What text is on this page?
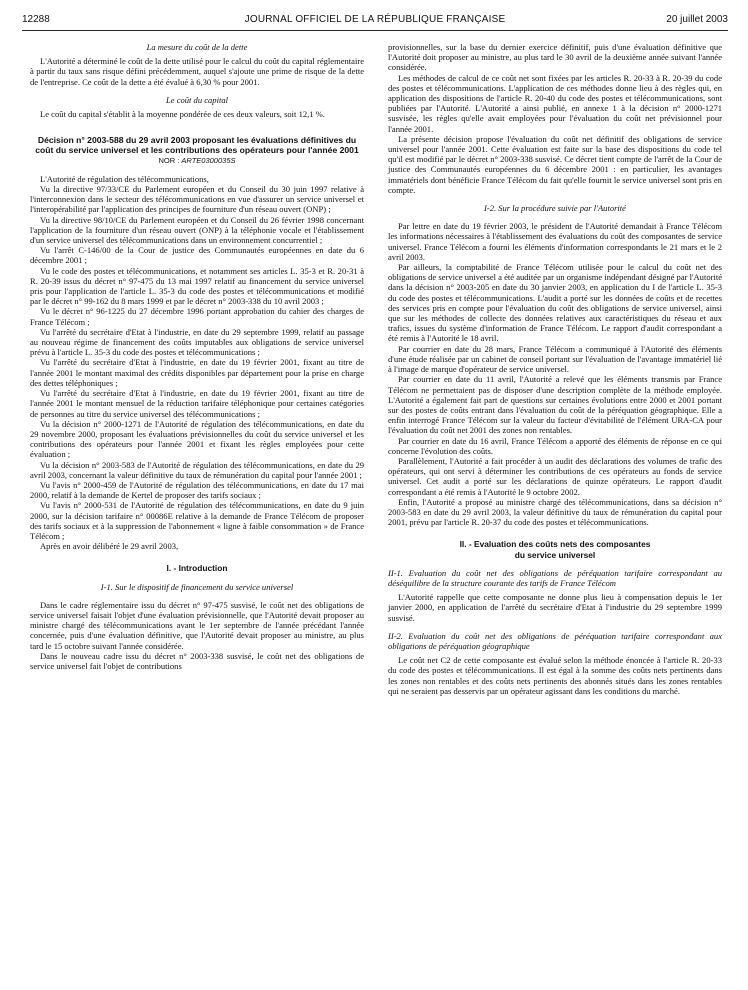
12288	JOURNAL OFFICIEL DE LA RÉPUBLIQUE FRANÇAISE	20 juillet 2003

La mesure du coût de la dette

L'Autorité a déterminé le coût de la dette utilisé pour le calcul du coût du capital réglementaire à partir du taux sans risque défini précédemment, auquel s'ajoute une prime de risque de la dette de l'entreprise. Ce coût de la dette a été évalué à 6,30 % pour 2001.

Le coût du capital

Le coût du capital s'établit à la moyenne pondérée de ces deux valeurs, soit 12,1 %.

Décision n° 2003-588 du 29 avril 2003 proposant les évaluations définitives du coût du service universel et les contributions des opérateurs pour l'année 2001

NOR : ARTE0300035S

L'Autorité de régulation des télécommunications,

Vu la directive 97/33/CE du Parlement européen et du Conseil du 30 juin 1997 relative à l'interconnexion dans le secteur des télécommunications en vue d'assurer un service universel et l'interopérabilité par l'application des principes de fourniture d'un réseau ouvert (ONP) ;

Vu la directive 98/10/CE du Parlement européen et du Conseil du 26 février 1998 concernant l'application de la fourniture d'un réseau ouvert (ONP) à la téléphonie vocale et l'établissement d'un service universel des télécommunications dans un environnement concurrentiel ;

Vu l'arrêt C-146/00 de la Cour de justice des Communautés européennes en date du 6 décembre 2001 ;

Vu le code des postes et télécommunications, et notamment ses articles L. 35-3 et R. 20-31 à R. 20-39 issus du décret n° 97-475 du 13 mai 1997 relatif au financement du service universel pris pour l'application de l'article L. 35-3 du code des postes et télécommunications et modifié par le décret n° 99-162 du 8 mars 1999 et par le décret n° 2003-338 du 10 avril 2003 ;

Vu le décret n° 96-1225 du 27 décembre 1996 portant approbation du cahier des charges de France Télécom ;

Vu l'arrêté du secrétaire d'Etat à l'industrie, en date du 29 septembre 1999, relatif au passage au nouveau régime de financement des coûts imputables aux obligations de service universel prévu à l'article L. 35-3 du code des postes et télécommunications ;

Vu l'arrêté du secrétaire d'Etat à l'industrie, en date du 19 février 2001, fixant au titre de l'année 2001 le montant maximal des crédits disponibles par département pour la prise en charge des dettes téléphoniques ;

Vu l'arrêté du secrétaire d'Etat à l'industrie, en date du 19 février 2001, fixant au titre de l'année 2001 le montant mensuel de la réduction tarifaire téléphonique pour certaines catégories de personnes au titre du service universel des télécommunications ;

Vu la décision n° 2000-1271 de l'Autorité de régulation des télécommunications, en date du 29 novembre 2000, proposant les évaluations prévisionnelles du coût du service universel et les contributions des opérateurs pour l'année 2001 et fixant les règles employées pour cette évaluation ;

Vu la décision n° 2003-583 de l'Autorité de régulation des télécommunications, en date du 29 avril 2003, concernant la valeur définitive du taux de rémunération du capital pour l'année 2001 ;

Vu l'avis n° 2000-459 de l'Autorité de régulation des télécommunications, en date du 17 mai 2000, relatif à la demande de Kertel de proposer des tarifs sociaux ;

Vu l'avis n° 2000-531 de l'Autorité de régulation des télécommunications, en date du 9 juin 2000, sur la décision tarifaire n° 00086E relative à la demande de France Télécom de proposer des tarifs sociaux et à la suppression de l'abonnement « ligne à faible consommation » de France Télécom ;

Après en avoir délibéré le 29 avril 2003,

I. - Introduction

I-1. Sur le dispositif de financement du service universel

Dans le cadre réglementaire issu du décret n° 97-475 susvisé, le coût net des obligations de service universel faisait l'objet d'une évaluation prévisionnelle, que l'Autorité devait proposer au ministre chargé des télécommunications avant le 1er septembre de l'année précédant l'année concernée, puis d'une évaluation définitive, que l'Autorité devait proposer au ministre, au plus tard le 15 octobre suivant l'année considérée.

Dans le nouveau cadre issu du décret n° 2003-338 susvisé, le coût net des obligations de service universel fait l'objet de contributions

provisionnelles, sur la base du dernier exercice définitif, puis d'une évaluation définitive que l'Autorité doit proposer au ministre, au plus tard le 30 avril de la deuxième année suivant l'année considérée.

Les méthodes de calcul de ce coût net sont fixées par les articles R. 20-33 à R. 20-39 du code des postes et télécommunications. L'application de ces méthodes donne lieu à des règles qui, en application des dispositions de l'article R. 20-40 du code des postes et télécommunications, sont publiées par l'Autorité. L'Autorité a ainsi publié, en annexe 1 à la décision n° 2000-1271 susvisée, les règles qu'elle avait employées pour l'évaluation du coût net prévisionnel pour l'année 2001.

La présente décision propose l'évaluation du coût net définitif des obligations de service universel pour l'année 2001. Cette évaluation est faite sur la base des dispositions du code tel qu'il est modifié par le décret n° 2003-338 susvisé. Ce décret tient compte de l'arrêt de la Cour de justice des Communautés européennes du 6 décembre 2001 : en particulier, les avantages immatériels dont bénéficie France Télécom du fait qu'elle fournit le service universel sont pris en compte.

I-2. Sur la procédure suivie par l'Autorité

Par lettre en date du 19 février 2003, le président de l'Autorité demandait à France Télécom les informations nécessaires à l'établissement des évaluations du coût des composantes de service universel. France Télécom a fourni les éléments d'information correspondants le 21 mars et le 2 avril 2003.

Par ailleurs, la comptabilité de France Télécom utilisée pour le calcul du coût net des obligations de service universel a été auditée par un organisme indépendant désigné par l'Autorité dans la décision n° 2003-205 en date du 30 janvier 2003, en application du I de l'article L. 35-3 du code des postes et télécommunications. L'audit a porté sur les données de coûts et de recettes des services pris en compte pour l'évaluation du coût des obligations de service universel, ainsi que sur les méthodes de collecte des données relatives aux caractéristiques du réseau et aux trafics, issues du système d'information de France Télécom. Le rapport d'audit correspondant a été remis à l'Autorité le 18 avril.

Par courrier en date du 28 mars, France Télécom a communiqué à l'Autorité des éléments d'une étude réalisée par un cabinet de conseil portant sur l'évaluation de l'avantage immatériel lié à l'image de marque d'opérateur de service universel.

Par courrier en date du 11 avril, l'Autorité a relevé que les éléments transmis par France Télécom ne permettaient pas de disposer d'une description complète de la méthode employée. L'Autorité a également fait part de questions sur certaines évolutions entre 2000 et 2001 portant sur des postes de coûts entrant dans l'évaluation du coût de la péréquation géographique. Elle a enfin interrogé France Télécom sur la valeur du facteur d'évitabilité de l'élément URA-CA pour l'évaluation du coût net 2001 des zones non rentables.

Par courrier en date du 16 avril, France Télécom a apporté des éléments de réponse en ce qui concerne l'évolution des coûts.

Parallèlement, l'Autorité a fait procéder à un audit des déclarations des volumes de trafic des opérateurs, qui ont servi à déterminer les contributions de ces opérateurs au fonds de service universel. Cet audit a porté sur les déclarations de quinze opérateurs. Le rapport d'audit correspondant a été remis à l'Autorité le 9 octobre 2002.

Enfin, l'Autorité a proposé au ministre chargé des télécommunications, dans sa décision n° 2003-583 en date du 29 avril 2003, la valeur définitive du taux de rémunération du capital pour 2001, prévu par l'article R. 20-37 du code des postes et télécommunications.

II. - Evaluation des coûts nets des composantes
du service universel

II-1. Evaluation du coût net des obligations de péréquation tarifaire correspondant au déséquilibre de la structure courante des tarifs de France Télécom

L'Autorité rappelle que cette composante ne donne plus lieu à compensation depuis le 1er janvier 2000, en application de l'arrêté du secrétaire d'Etat à l'industrie du 29 septembre 1999 susvisé.

II-2. Evaluation du coût net des obligations de péréquation tarifaire correspondant aux obligations de péréquation géographique

Le coût net C2 de cette composante est évalué selon la méthode énoncée à l'article R. 20-33 du code des postes et télécommunications. Il est égal à la somme des coûts nets pertinents dans les zones non rentables et des coûts nets pertinents des abonnés situés dans les zones rentables qui ne seraient pas desservis par un opérateur agissant dans les conditions du marché.
